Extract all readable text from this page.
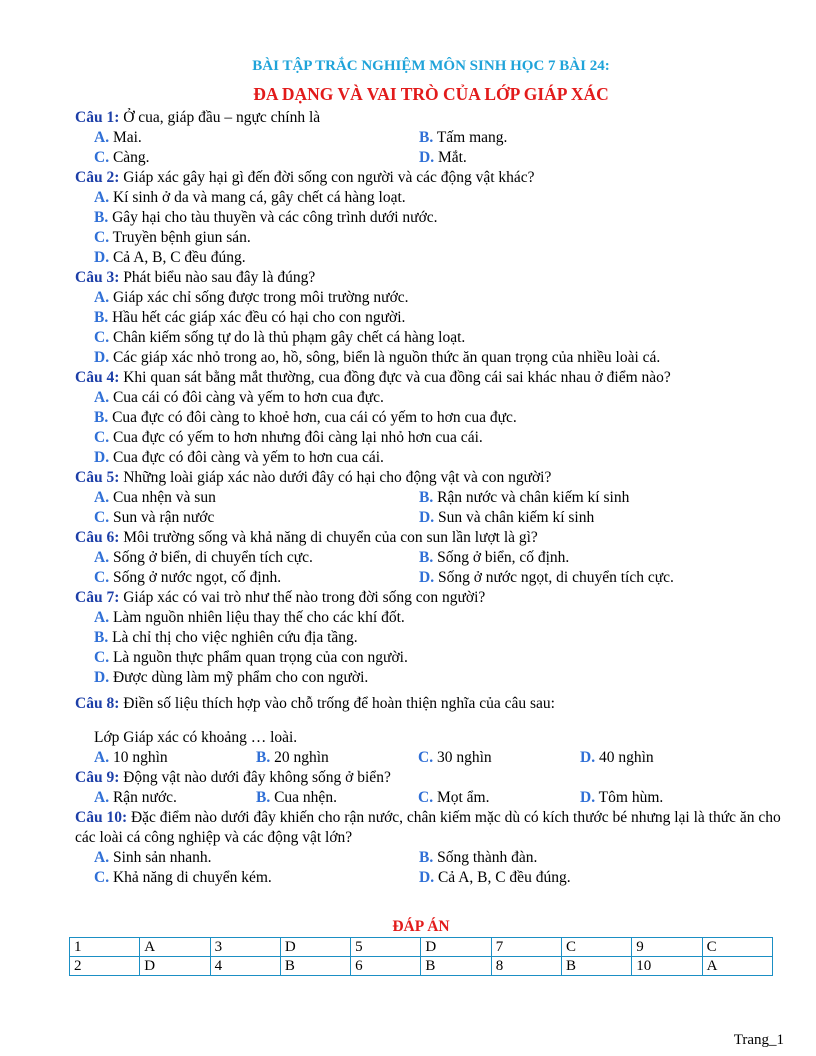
BÀI TẬP TRẮC NGHIỆM MÔN SINH HỌC 7 BÀI 24:
ĐA DẠNG VÀ VAI TRÒ CỦA LỚP GIÁP XÁC
Câu 1: Ở cua, giáp đầu – ngực chính là
A. Mai.	B. Tấm mang.
C. Càng.	D. Mắt.
Câu 2: Giáp xác gây hại gì đến đời sống con người và các động vật khác?
A. Kí sinh ở da và mang cá, gây chết cá hàng loạt.
B. Gây hại cho tàu thuyền và các công trình dưới nước.
C. Truyền bệnh giun sán.
D. Cả A, B, C đều đúng.
Câu 3: Phát biểu nào sau đây là đúng?
A. Giáp xác chỉ sống được trong môi trường nước.
B. Hầu hết các giáp xác đều có hại cho con người.
C. Chân kiếm sống tự do là thủ phạm gây chết cá hàng loạt.
D. Các giáp xác nhỏ trong ao, hồ, sông, biển là nguồn thức ăn quan trọng của nhiều loài cá.
Câu 4: Khi quan sát bằng mắt thường, cua đồng đực và cua đồng cái sai khác nhau ở điểm nào?
A. Cua cái có đôi càng và yếm to hơn cua đực.
B. Cua đực có đôi càng to khoẻ hơn, cua cái có yếm to hơn cua đực.
C. Cua đực có yếm to hơn nhưng đôi càng lại nhỏ hơn cua cái.
D. Cua đực có đôi càng và yếm to hơn cua cái.
Câu 5: Những loài giáp xác nào dưới đây có hại cho động vật và con người?
A. Cua nhện và sun	B. Rận nước và chân kiếm kí sinh
C. Sun và rận nước	D. Sun và chân kiếm kí sinh
Câu 6: Môi trường sống và khả năng di chuyển của con sun lần lượt là gì?
A. Sống ở biển, di chuyển tích cực.	B. Sống ở biển, cố định.
C. Sống ở nước ngọt, cố định.	D. Sống ở nước ngọt, di chuyển tích cực.
Câu 7: Giáp xác có vai trò như thế nào trong đời sống con người?
A. Làm nguồn nhiên liệu thay thế cho các khí đốt.
B. Là chỉ thị cho việc nghiên cứu địa tầng.
C. Là nguồn thực phẩm quan trọng của con người.
D. Được dùng làm mỹ phẩm cho con người.
Câu 8: Điền số liệu thích hợp vào chỗ trống để hoàn thiện nghĩa của câu sau:
Lớp Giáp xác có khoảng … loài.
A. 10 nghìn	B. 20 nghìn	C. 30 nghìn	D. 40 nghìn
Câu 9: Động vật nào dưới đây không sống ở biển?
A. Rận nước.	B. Cua nhện.	C. Mọt ẩm.	D. Tôm hùm.
Câu 10: Đặc điểm nào dưới đây khiến cho rận nước, chân kiếm mặc dù có kích thước bé nhưng lại là thức ăn cho các loài cá công nghiệp và các động vật lớn?
A. Sinh sản nhanh.	B. Sống thành đàn.
C. Khả năng di chuyển kém.	D. Cả A, B, C đều đúng.
ĐÁP ÁN
1	A	3	D	5	D	7	C	9	C
2	D	4	B	6	B	8	B	10	A
Trang_1
